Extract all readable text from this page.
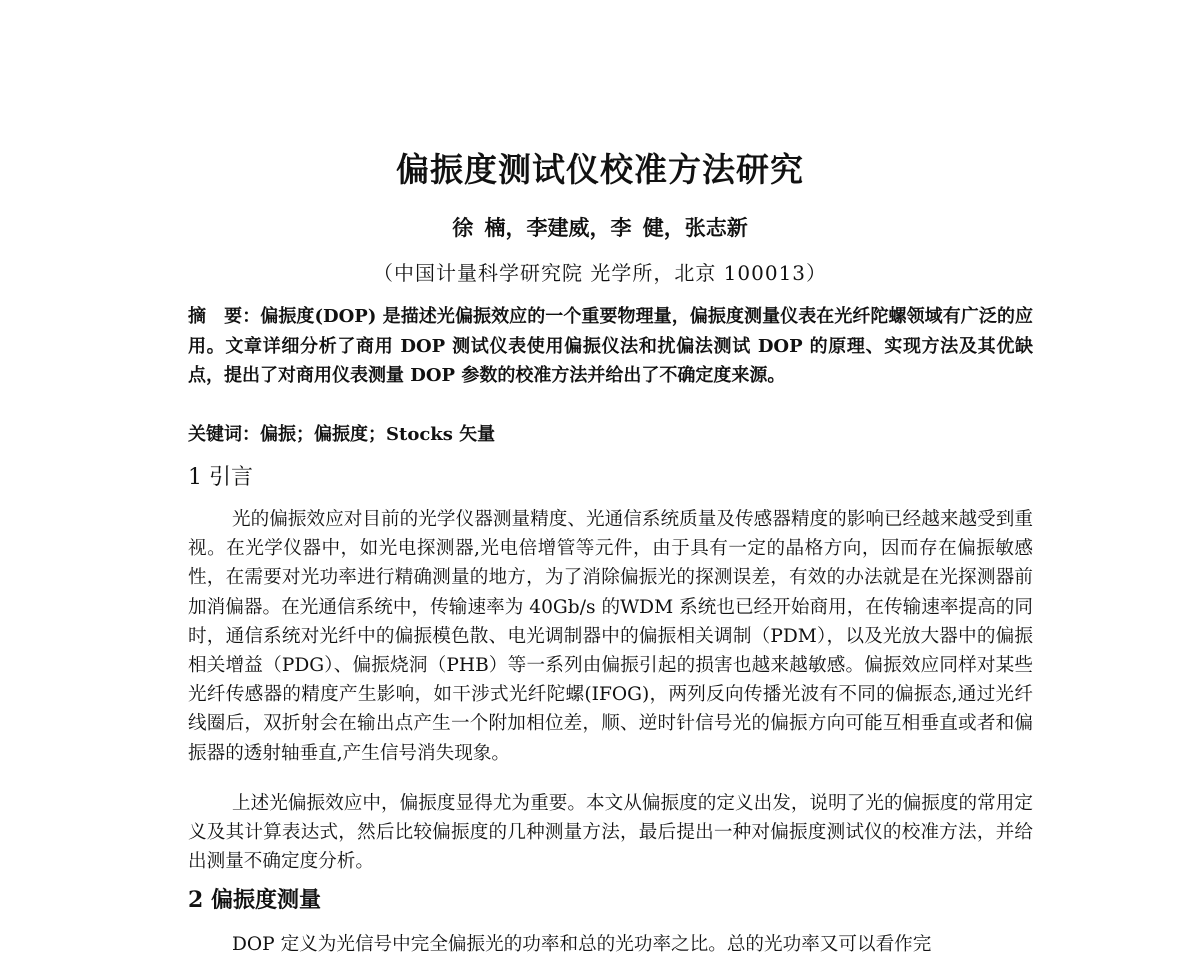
偏振度测试仪校准方法研究
徐 楠，李建威，李 健，张志新
（中国计量科学研究院 光学所，北京 100013）
摘　要：偏振度(DOP) 是描述光偏振效应的一个重要物理量，偏振度测量仪表在光纤陀螺领域有广泛的应用。文章详细分析了商用 DOP 测试仪表使用偏振仪法和扰偏法测试 DOP 的原理、实现方法及其优缺点，提出了对商用仪表测量 DOP 参数的校准方法并给出了不确定度来源。
关键词：偏振；偏振度；Stocks 矢量
1 引言
光的偏振效应对目前的光学仪器测量精度、光通信系统质量及传感器精度的影响已经越来越受到重视。在光学仪器中，如光电探测器,光电倍增管等元件，由于具有一定的晶格方向，因而存在偏振敏感性，在需要对光功率进行精确测量的地方，为了消除偏振光的探测误差，有效的办法就是在光探测器前加消偏器。在光通信系统中，传输速率为 40Gb/s 的WDM 系统也已经开始商用，在传输速率提高的同时，通信系统对光纤中的偏振模色散、电光调制器中的偏振相关调制（PDM），以及光放大器中的偏振相关增益（PDG）、偏振烧洞（PHB）等一系列由偏振引起的损害也越来越敏感。偏振效应同样对某些光纤传感器的精度产生影响，如干涉式光纤陀螺(IFOG)，两列反向传播光波有不同的偏振态,通过光纤线圈后，双折射会在输出点产生一个附加相位差，顺、逆时针信号光的偏振方向可能互相垂直或者和偏振器的透射轴垂直,产生信号消失现象。
上述光偏振效应中，偏振度显得尤为重要。本文从偏振度的定义出发，说明了光的偏振度的常用定义及其计算表达式，然后比较偏振度的几种测量方法，最后提出一种对偏振度测试仪的校准方法，并给出测量不确定度分析。
2 偏振度测量
DOP 定义为光信号中完全偏振光的功率和总的光功率之比。总的光功率又可以看作完
